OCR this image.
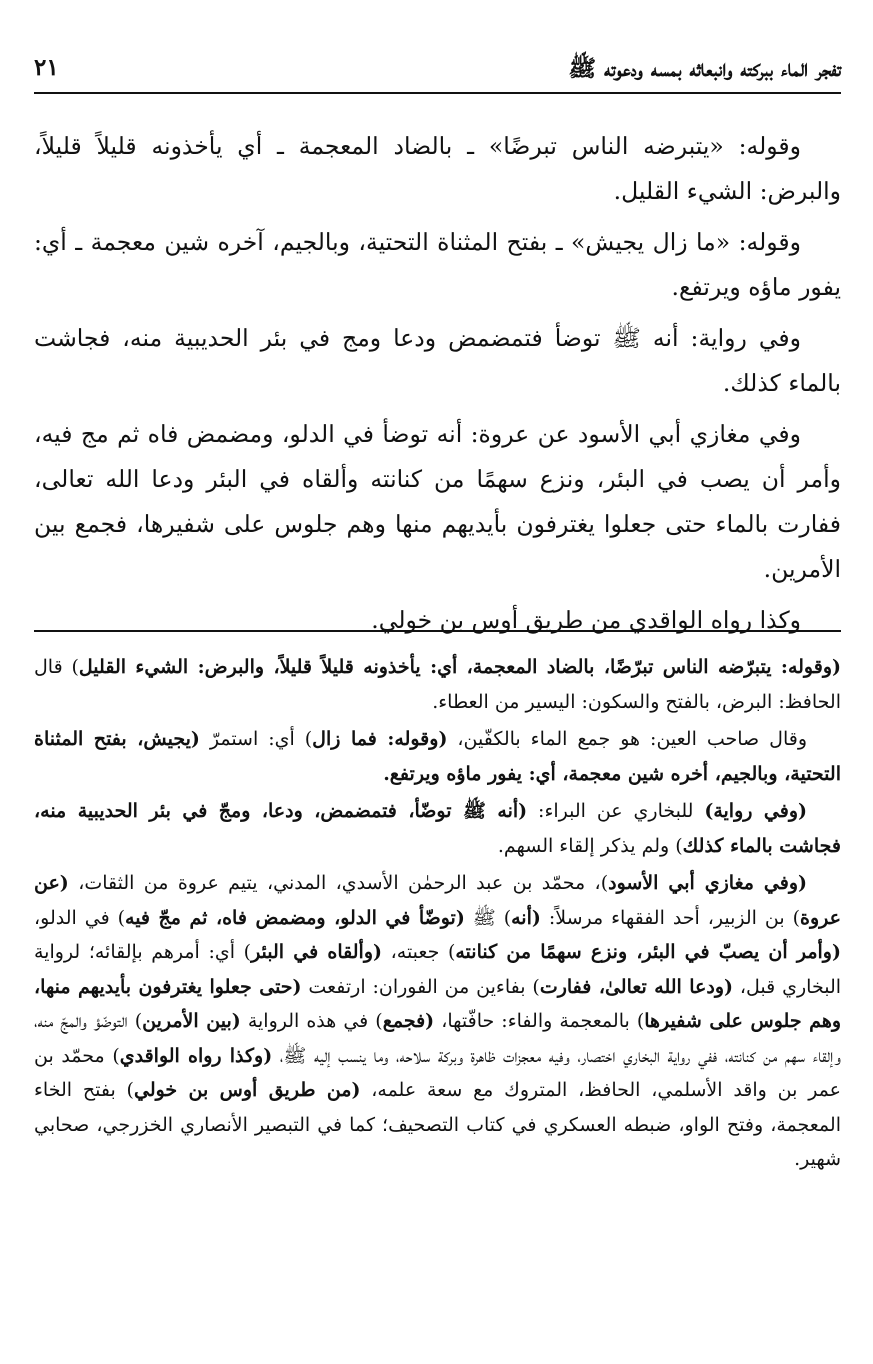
تفجر الماء ببركته وانبعاثه بمسه ودعوته ﷺ
٢١

وقوله: «يتبرضه الناس تبرضًا» ـ بالضاد المعجمة ـ أي يأخذونه قليلاً قليلاً، والبرض: الشيء القليل.

وقوله: «ما زال يجيش» ـ بفتح المثناة التحتية، وبالجيم، آخره شين معجمة ـ أي: يفور ماؤه ويرتفع.

وفي رواية: أنه ﷺ توضأ فتمضمض ودعا ومج في بئر الحديبية منه، فجاشت بالماء كذلك.

وفي مغازي أبي الأسود عن عروة: أنه توضأ في الدلو، ومضمض فاه ثم مج فيه، وأمر أن يصب في البئر، ونزع سهمًا من كنانته وألقاه في البئر ودعا الله تعالى، ففارت بالماء حتى جعلوا يغترفون بأيديهم منها وهم جلوس على شفيرها، فجمع بين الأمرين.

وكذا رواه الواقدي من طريق أوس بن خولي.

(وقوله: يتبرّضه الناس تبرّضًا، بالضاد المعجمة، أي: يأخذونه قليلاً قليلاً، والبرض: الشيء القليل) قال الحافظ: البرض، بالفتح والسكون: اليسير من العطاء.

وقال صاحب العين: هو جمع الماء بالكفّين، (وقوله: فما زال) أي: استمرّ (يجيش، بفتح المثناة التحتية، وبالجيم، أخره شين معجمة، أي: يفور ماؤه ويرتفع.

(وفي رواية) للبخاري عن البراء: (أنه ﷺ توضّأ، فتمضمض، ودعا، ومجّ في بئر الحديبية منه، فجاشت بالماء كذلك) ولم يذكر إلقاء السهم.

(وفي مغازي أبي الأسود)، محمّد بن عبد الرحمٰن الأسدي، المدني، يتيم عروة من الثقات، (عن عروة) بن الزبير، أحد الفقهاء مرسلاً: (أنه) ﷺ (توضّأ في الدلو، ومضمض فاه، ثم مجّ فيه) في الدلو، (وأمر أن يصبّ في البئر، ونزع سهمًا من كنانته) جعبته، (وألقاه في البئر) أي: أمرهم بإلقائه؛ لرواية البخاري قبل، (ودعا الله تعالىٰ، ففارت) بفاءين من الفوران: ارتفعت (حتى جعلوا يغترفون بأيديهم منها، وهم جلوس على شفيرها) بالمعجمة والفاء: حافّتها، (فجمع) في هذه الرواية (بين الأمرين) التوضّؤ والمجّ منه، وإلقاء سهم من كنانته، ففي رواية البخاري اختصار، وفيه معجزات ظاهرة وبركة سلاحه، وما ينسب إليه ﷺ، (وكذا رواه الواقدي) محمّد بن عمر بن واقد الأسلمي، الحافظ، المتروك مع سعة علمه، (من طريق أوس بن خولي) بفتح الخاء المعجمة، وفتح الواو، ضبطه العسكري في كتاب التصحيف؛ كما في التبصير الأنصاري الخزرجي، صحابي شهير.
